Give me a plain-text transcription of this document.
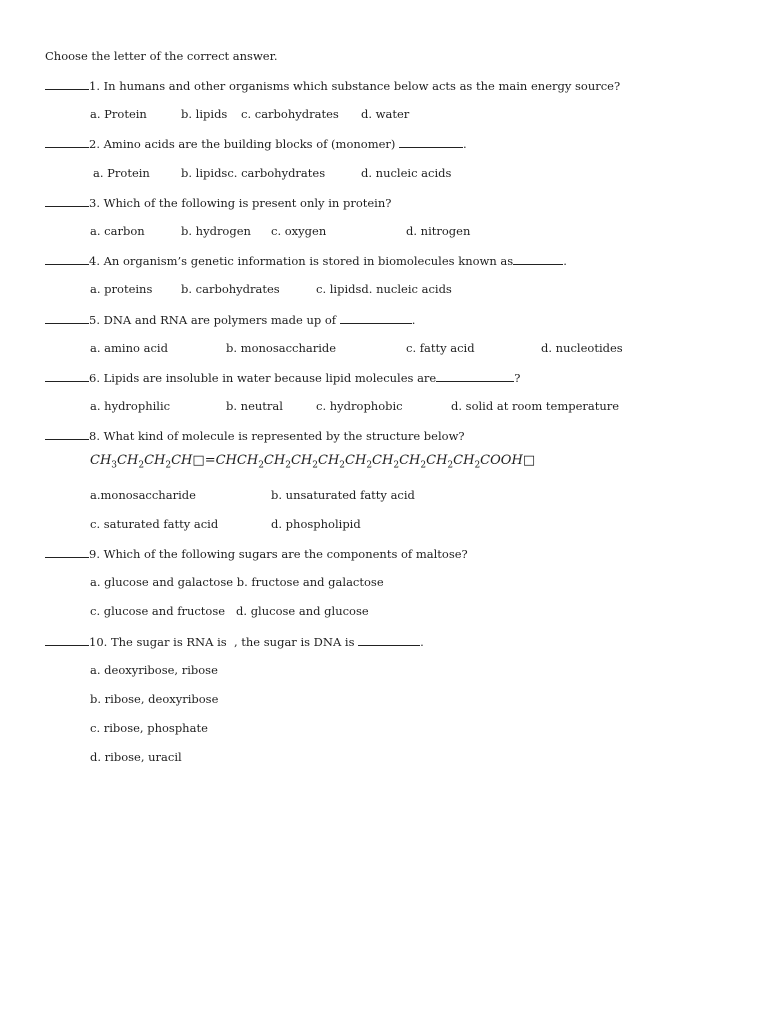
Choose the letter of the correct answer.
1. In humans and other organisms which substance below acts as the main energy source?
a. Protein	b. lipids c. carbohydrates d. water
2. Amino acids are the building blocks of (monomer)	.
a. Protein	b. lipidsc. carbohydrates	d. nucleic acids
3. Which of the following is present only in protein?
a. carbon	b. hydrogen c. oxygen	d. nitrogen
4. An organism’s genetic information is stored in biomolecules known as	.
a. proteins b. carbohydrates	c. lipidsd. nucleic acids
5. DNA and RNA are polymers made up of	.
a. amino acid	b. monosaccharide	c. fatty acid	d. nucleotides
6. Lipids are insoluble in water because lipid molecules are	?
a. hydrophilic	b. neutral	c. hydrophobic	d. solid at room temperature
8. What kind of molecule is represented by the structure below?
$CH_3CH_2CH_2CH□=CHCH_2CH_2CH_2CH_2CH_2CH_2CH_2CH_2CH_2COOH□$
a.monosaccharide	b. unsaturated fatty acid
c. saturated fatty acid	d. phospholipid
9. Which of the following sugars are the components of maltose?
a. glucose and galactose b. fructose and galactose
c. glucose and fructose   d. glucose and glucose
10. The sugar is RNA is  , the sugar is DNA is	.
a. deoxyribose, ribose
b. ribose, deoxyribose
c. ribose, phosphate
d. ribose, uracil
